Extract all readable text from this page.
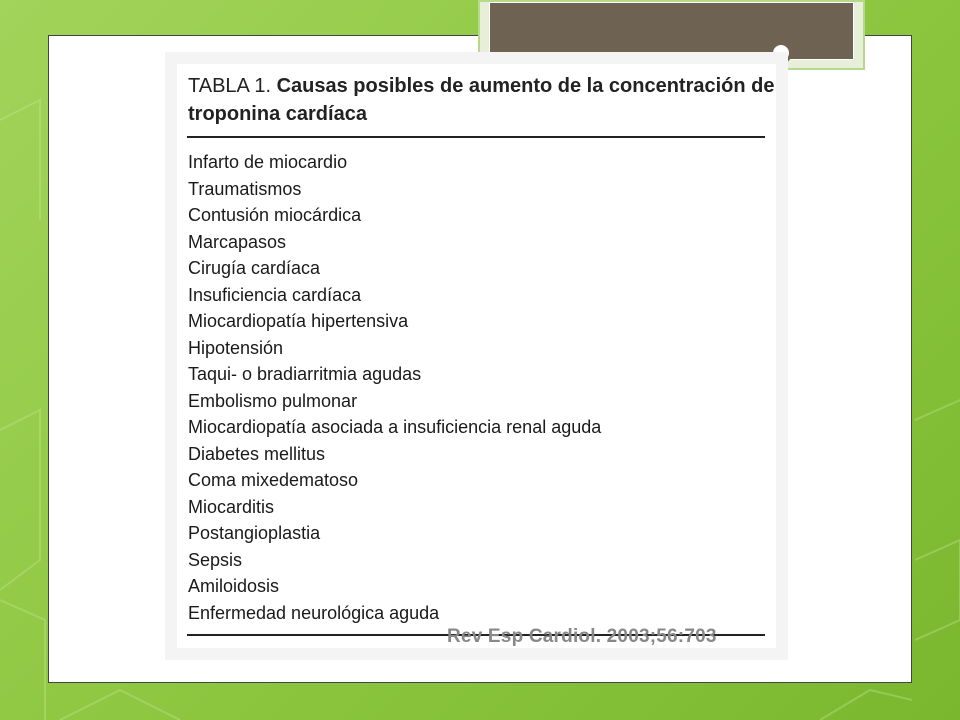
TABLA 1. Causas posibles de aumento de la concentración de troponina cardíaca
Infarto de miocardio
Traumatismos
Contusión miocárdica
Marcapasos
Cirugía cardíaca
Insuficiencia cardíaca
Miocardiopatía hipertensiva
Hipotensión
Taqui- o bradiarritmia agudas
Embolismo pulmonar
Miocardiopatía asociada a insuficiencia renal aguda
Diabetes mellitus
Coma mixedematoso
Miocarditis
Postangioplastia
Sepsis
Amiloidosis
Enfermedad neurológica aguda
Rev Esp Cardiol. 2003;56:703
